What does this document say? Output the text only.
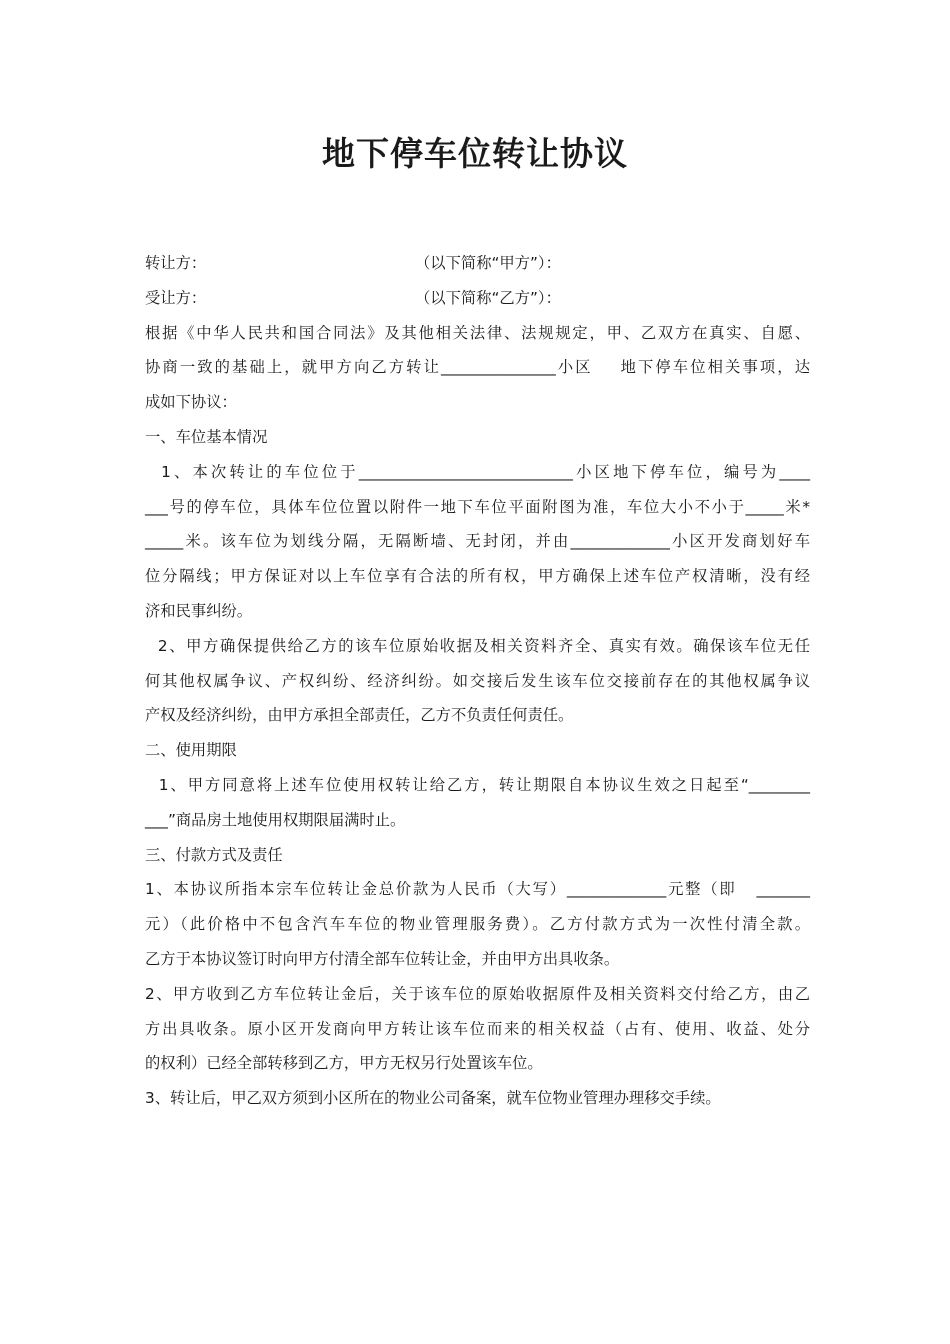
地下停车位转让协议
转让方：	（以下简称“甲方”）：
受让方：	（以下简称“乙方”）：
根据《中华人民共和国合同法》及其他相关法律、法规规定，甲、乙双方在真实、自愿、
协商一致的基础上，就甲方向乙方转让_______________小区    地下停车位相关事项，达
成如下协议：
一、车位基本情况
1、本次转让的车位位于____________________________小区地下停车位，编号为____
___号的停车位，具体车位位置以附件一地下车位平面附图为准，车位大小不小于_____米*
_____米。该车位为划线分隔，无隔断墙、无封闭，并由_____________小区开发商划好车
位分隔线；甲方保证对以上车位享有合法的所有权，甲方确保上述车位产权清晰，没有经
济和民事纠纷。
2、甲方确保提供给乙方的该车位原始收据及相关资料齐全、真实有效。确保该车位无任
何其他权属争议、产权纠纷、经济纠纷。如交接后发生该车位交接前存在的其他权属争议
产权及经济纠纷，由甲方承担全部责任，乙方不负责任何责任。
二、使用期限
1、甲方同意将上述车位使用权转让给乙方，转让期限自本协议生效之日起至“________
___”商品房土地使用权期限届满时止。
三、付款方式及责任
1、本协议所指本宗车位转让金总价款为人民币（大写）_____________元整（即   _______
元）（此价格中不包含汽车车位的物业管理服务费）。乙方付款方式为一次性付清全款。
乙方于本协议签订时向甲方付清全部车位转让金，并由甲方出具收条。
2、甲方收到乙方车位转让金后，关于该车位的原始收据原件及相关资料交付给乙方，由乙
方出具收条。原小区开发商向甲方转让该车位而来的相关权益（占有、使用、收益、处分
的权利）已经全部转移到乙方，甲方无权另行处置该车位。
3、转让后，甲乙双方须到小区所在的物业公司备案，就车位物业管理办理移交手续。
